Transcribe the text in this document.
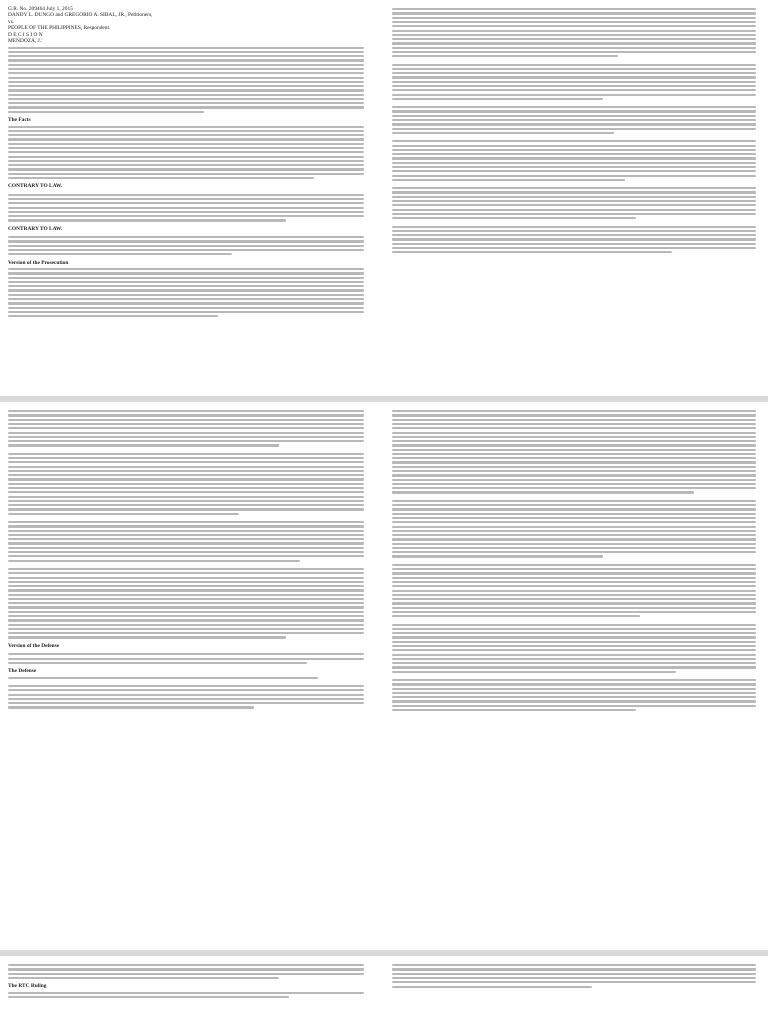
G.R. No. 209464 July 1, 2015

DANDY L. DUNGO and GREGORIO A. SIBAL, JR., Petitioners,

vs.

PEOPLE OF THE PHILIPPINES, Respondent.

D E C I S I O N

MENDOZA, J.:

The Facts

CONTRARY TO LAW.

CONTRARY TO LAW.

Version of the Prosecution

Version of the Defense

The Defense

The RTC Ruling
